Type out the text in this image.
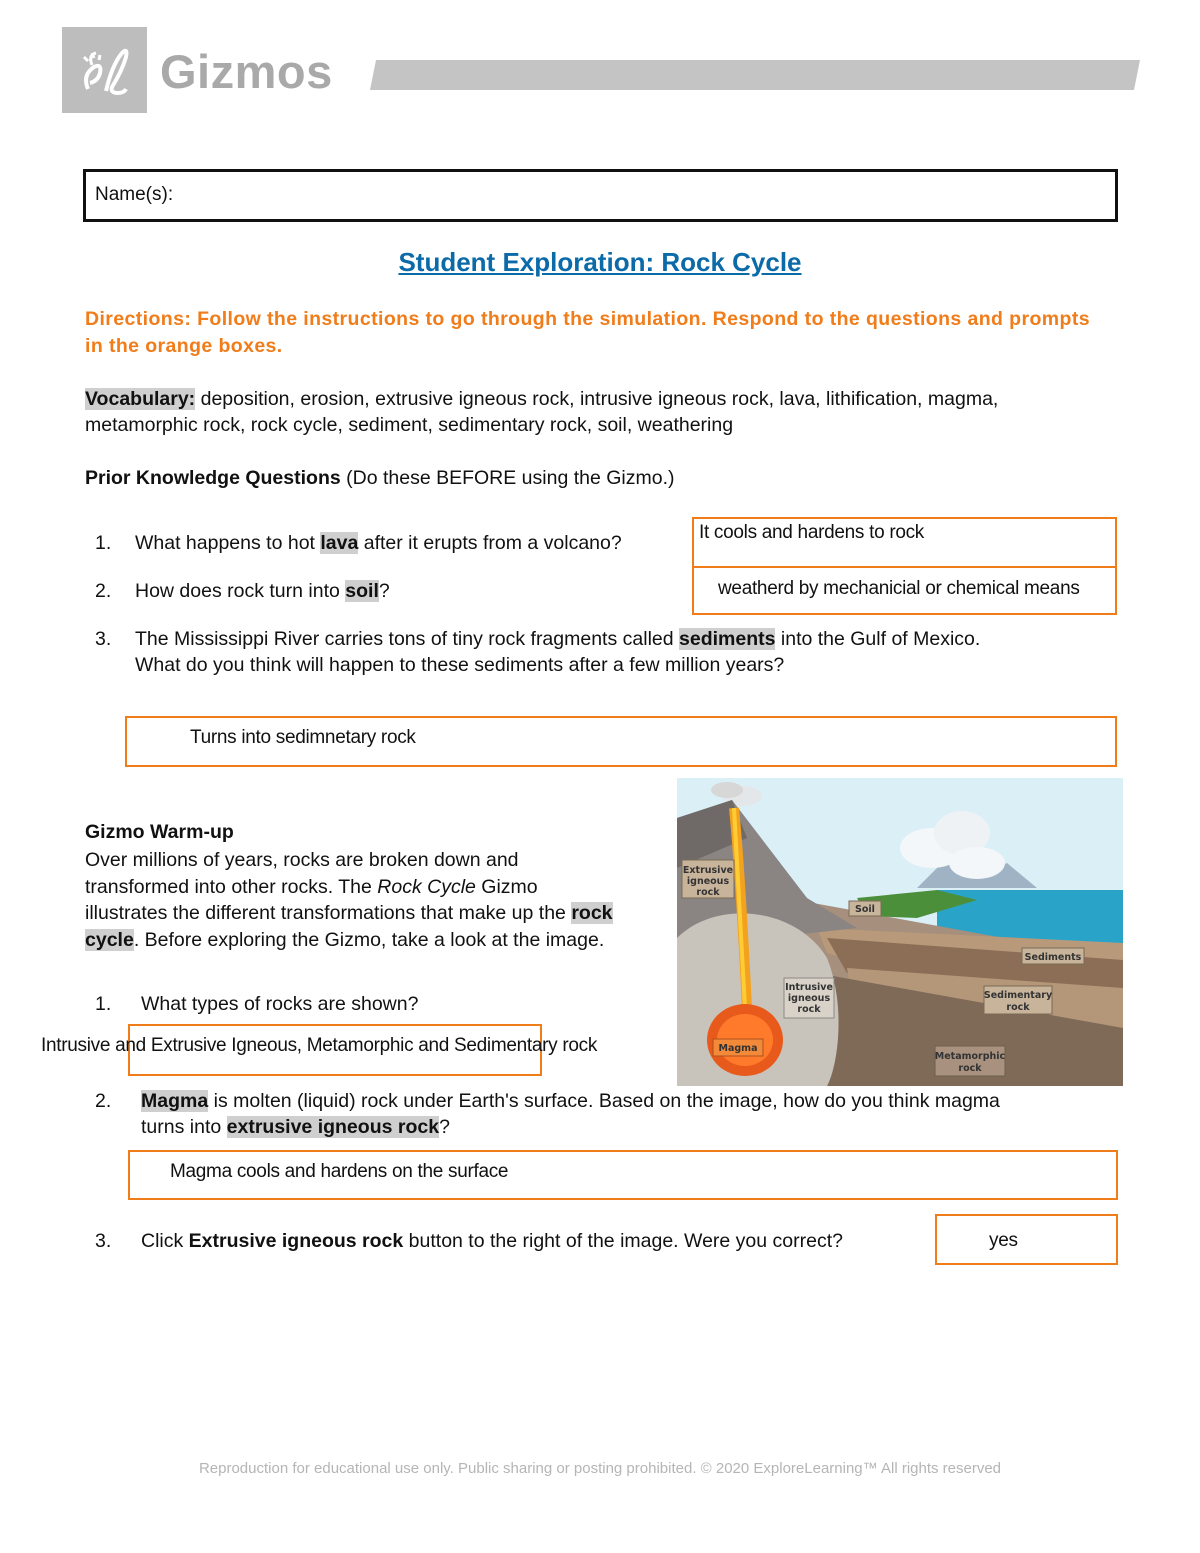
Gizmos
Name(s):
Student Exploration: Rock Cycle
Directions: Follow the instructions to go through the simulation. Respond to the questions and prompts in the orange boxes.
Vocabulary: deposition, erosion, extrusive igneous rock, intrusive igneous rock, lava, lithification, magma, metamorphic rock, rock cycle, sediment, sedimentary rock, soil, weathering
Prior Knowledge Questions (Do these BEFORE using the Gizmo.)
1. What happens to hot lava after it erupts from a volcano?	It cools and hardens to rock
2. How does rock turn into soil?	weatherd by mechanicial or chemical means
3. The Mississippi River carries tons of tiny rock fragments called sediments into the Gulf of Mexico.
What do you think will happen to these sediments after a few million years?
Turns into sedimnetary rock
Extrusive
igneous
rock
Soil
Sediments
Intrusive
igneous
rock
Sedimentary
rock
Magma
Metamorphic
rock
Gizmo Warm-up
Over millions of years, rocks are broken down and
transformed into other rocks. The Rock Cycle Gizmo
illustrates the different transformations that make up the rock
cycle. Before exploring the Gizmo, take a look at the image.
1. What types of rocks are shown?
Intrusive and Extrusive Igneous, Metamorphic and Sedimentary rock
2. Magma is molten (liquid) rock under Earth's surface. Based on the image, how do you think magma
turns into extrusive igneous rock?
Magma cools and hardens on the surface
3. Click Extrusive igneous rock button to the right of the image. Were you correct?	yes
Reproduction for educational use only. Public sharing or posting prohibited. © 2020 ExploreLearning™ All rights reserved
